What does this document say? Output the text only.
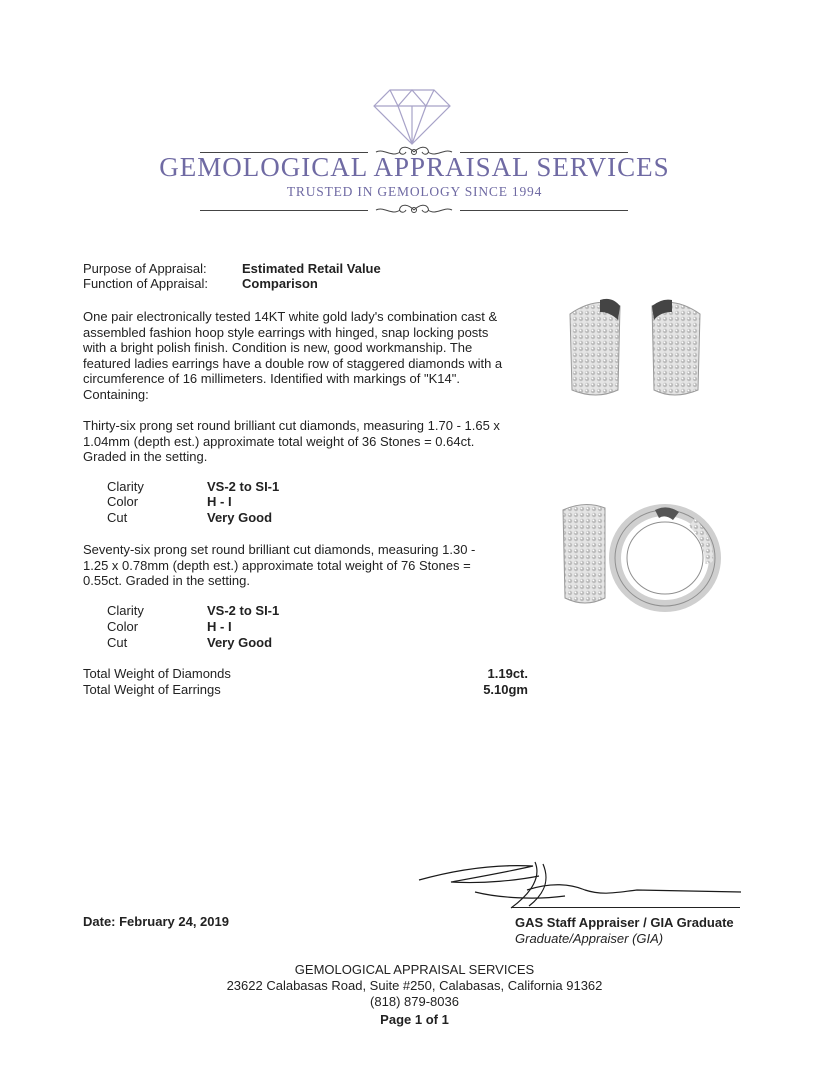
GEMOLOGICAL APPRAISAL SERVICES
TRUSTED IN GEMOLOGY SINCE 1994
Purpose of Appraisal:	Estimated Retail Value
Function of Appraisal:	Comparison
One pair electronically tested 14KT white gold lady's combination cast & assembled fashion hoop style earrings with hinged, snap locking posts with a bright polish finish. Condition is new, good workmanship. The featured ladies earrings have a double row of staggered diamonds with a circumference of 16 millimeters. Identified with markings of "K14". Containing:
Thirty-six prong set round brilliant cut diamonds, measuring 1.70 - 1.65 x 1.04mm (depth est.) approximate total weight of 36 Stones = 0.64ct. Graded in the setting.
Clarity	VS-2 to SI-1
Color	H - I
Cut	Very Good
Seventy-six prong set round brilliant cut diamonds, measuring 1.30 - 1.25 x 0.78mm (depth est.) approximate total weight of 76 Stones = 0.55ct. Graded in the setting.
Clarity	VS-2 to SI-1
Color	H - I
Cut	Very Good
Total Weight of Diamonds	1.19ct.
Total Weight of Earrings	5.10gm
Date: February 24, 2019	GAS Staff Appraiser / GIA Graduate
Graduate/Appraiser (GIA)
GEMOLOGICAL APPRAISAL SERVICES
23622 Calabasas Road, Suite #250, Calabasas, California 91362
(818) 879-8036
Page 1 of 1
